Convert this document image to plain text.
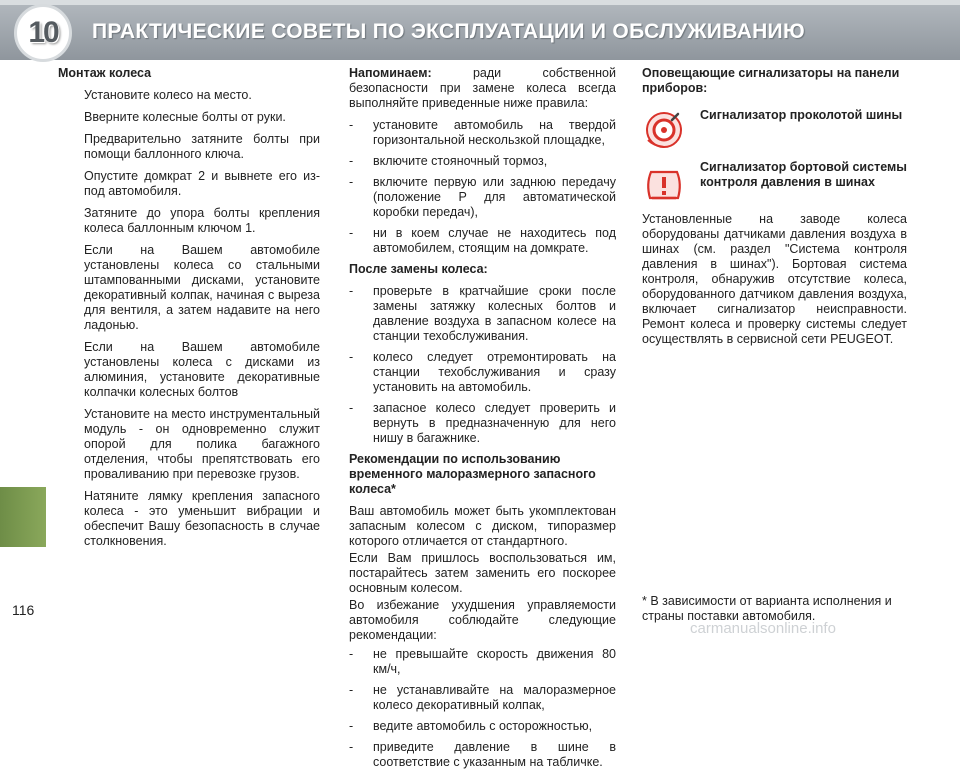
10 ПРАКТИЧЕСКИЕ СОВЕТЫ ПО ЭКСПЛУАТАЦИИ И ОБСЛУЖИВАНИЮ
116
Монтаж колеса
Установите колесо на место.
Вверните колесные болты от руки.
Предварительно затяните болты при помощи баллонного ключа.
Опустите домкрат 2 и вывнете его из-под автомобиля.
Затяните до упора болты крепления колеса баллонным ключом 1.
Если на Вашем автомобиле установлены колеса со стальными штампованными дисками, установите декоративный колпак, начиная с выреза для вентиля, а затем надавите на него ладонью.
Если на Вашем автомобиле установлены колеса с дисками из алюминия, установите декоративные колпачки колесных болтов
Установите на место инструментальный модуль - он одновременно служит опорой для полика багажного отделения, чтобы препятствовать его проваливанию при перевозке грузов.
Натяните лямку крепления запасного колеса - это уменьшит вибрации и обеспечит Вашу безопасность в случае столкновения.
Напоминаем:	ради собственной безопасности при замене колеса всегда выполняйте приведенные ниже правила:
-	установите автомобиль на твердой горизонтальной нескользкой площадке,
-	включите стояночный тормоз,
-	включите первую или заднюю передачу (положение P для автоматической коробки передач),
-	ни в коем случае не находитесь под автомобилем, стоящим на домкрате.
После замены колеса:
-	проверьте в кратчайшие сроки после замены затяжку колесных болтов и давление воздуха в запасном колесе на станции техобслуживания.
-	колесо следует отремонтировать на станции техобслуживания и сразу установить на автомобиль.
-	запасное колесо следует проверить и вернуть в предназначенную для него нишу в багажнике.
Рекомендации по использованию временного малоразмерного запасного колеса*
Ваш автомобиль может быть укомплектован запасным колесом с диском, типоразмер которого отличается от стандартного.
Если Вам пришлось воспользоваться им, постарайтесь затем заменить его поскорее основным колесом.
Во избежание ухудшения управляемости автомобиля соблюдайте следующие рекомендации:
-	не превышайте скорость движения 80 км/ч,
-	не устанавливайте на малоразмерное колесо декоративный колпак,
-	ведите автомобиль с осторожностью,
-	приведите давление в шине в соответствие с указанным на табличке.
Оповещающие сигнализаторы на панели приборов:
Сигнализатор проколотой шины
Сигнализатор бортовой системы контроля давления в шинах
Установленные на заводе колеса оборудованы датчиками давления воздуха в шинах (см. раздел "Система контроля давления в шинах"). Бортовая система контроля, обнаружив отсутствие колеса, оборудованного датчиком давления воздуха, включает сигнализатор неисправности. Ремонт колеса и проверку системы следует осуществлять в сервисной сети PEUGEOT.
* В зависимости от варианта исполнения и страны поставки автомобиля.
carmanualsonline.info
